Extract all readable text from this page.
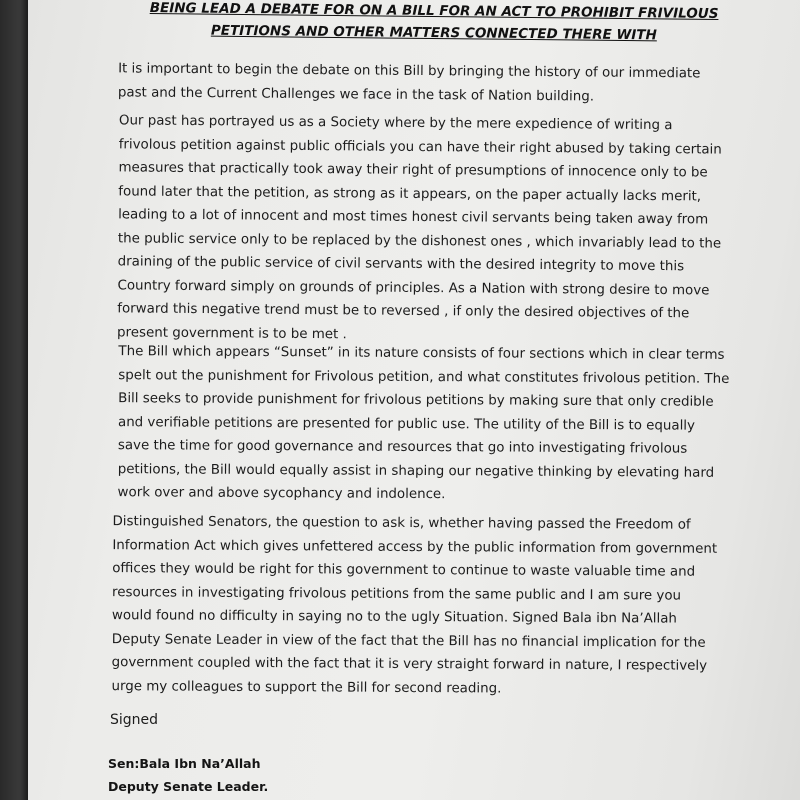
BEING LEAD A DEBATE FOR ON A BILL FOR AN ACT TO PROHIBIT FRIVILOUS PETITIONS AND OTHER MATTERS CONNECTED THERE WITH

It is important to begin the debate on this Bill by bringing the history of our immediate past and the Current Challenges we face in the task of Nation building.

Our past has portrayed us as a Society where by the mere expedience of writing a frivolous petition against public officials you can have their right abused by taking certain measures that practically took away their right of presumptions of innocence only to be found later that the petition, as strong as it appears, on the paper actually lacks merit, leading to a lot of innocent and most times honest civil servants being taken away from the public service only to be replaced by the dishonest ones , which invariably lead to the draining of the public service of civil servants with the desired integrity to move this Country forward simply on grounds of principles. As a Nation with strong desire to move forward this negative trend must be to reversed , if only the desired objectives of the present government is to be met .

The Bill which appears “Sunset” in its nature consists of four sections which in clear terms spelt out the punishment for Frivolous petition, and what constitutes frivolous petition. The Bill seeks to provide punishment for frivolous petitions by making sure that only credible and verifiable petitions are presented for public use. The utility of the Bill is to equally save the time for good governance and resources that go into investigating frivolous petitions, the Bill would equally assist in shaping our negative thinking by elevating hard work over and above sycophancy and indolence.

Distinguished Senators, the question to ask is, whether having passed the Freedom of Information Act which gives unfettered access by the public information from government offices they would be right for this government to continue to waste valuable time and resources in investigating frivolous petitions from the same public and I am sure you would found no difficulty in saying no to the ugly Situation. Signed Bala ibn Na’Allah Deputy Senate Leader in view of the fact that the Bill has no financial implication for the government coupled with the fact that it is very straight forward in nature, I respectively urge my colleagues to support the Bill for second reading.

Signed

Sen:Bala Ibn Na’Allah

Deputy Senate Leader.
